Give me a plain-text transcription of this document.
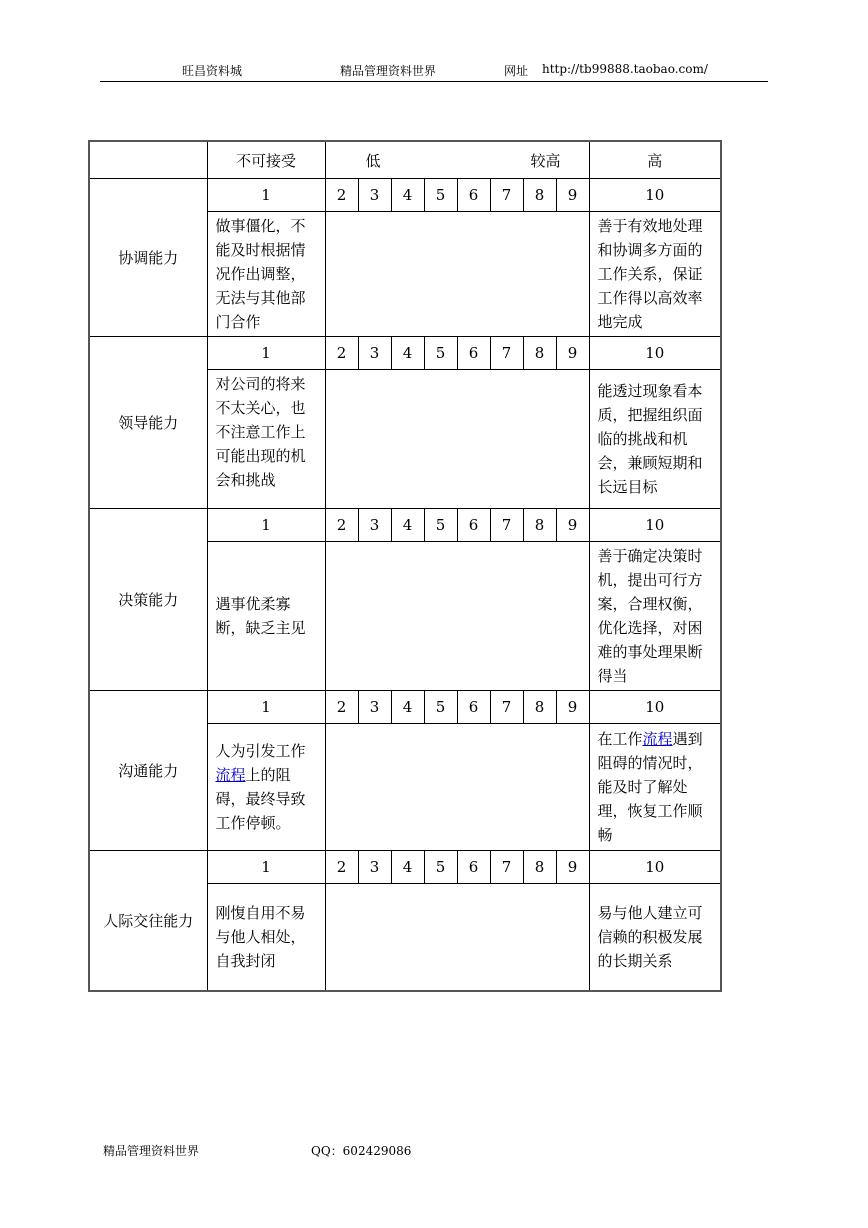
旺昌资料城	精品管理资料世界	网址 http://tb99888.taobao.com/
	不可接受	低 较高								高
协调能力	1	2	3	4	5	6	7	8	9	10
	做事僵化，不能及时根据情况作出调整，无法与其他部门合作									善于有效地处理和协调多方面的工作关系，保证工作得以高效率地完成
领导能力	1	2	3	4	5	6	7	8	9	10
	对公司的将来不太关心，也不注意工作上可能出现的机会和挑战									能透过现象看本质，把握组织面临的挑战和机会，兼顾短期和长远目标
决策能力	1	2	3	4	5	6	7	8	9	10
	遇事优柔寡断，缺乏主见									善于确定决策时机，提出可行方案，合理权衡，优化选择，对困难的事处理果断得当
沟通能力	1	2	3	4	5	6	7	8	9	10
	人为引发工作流程上的阻碍，最终导致工作停顿。									在工作流程遇到阻碍的情况时，能及时了解处理，恢复工作顺畅
人际交往能力	1	2	3	4	5	6	7	8	9	10
	刚愎自用不易与他人相处，自我封闭									易与他人建立可信赖的积极发展的长期关系
精品管理资料世界	QQ：602429086
